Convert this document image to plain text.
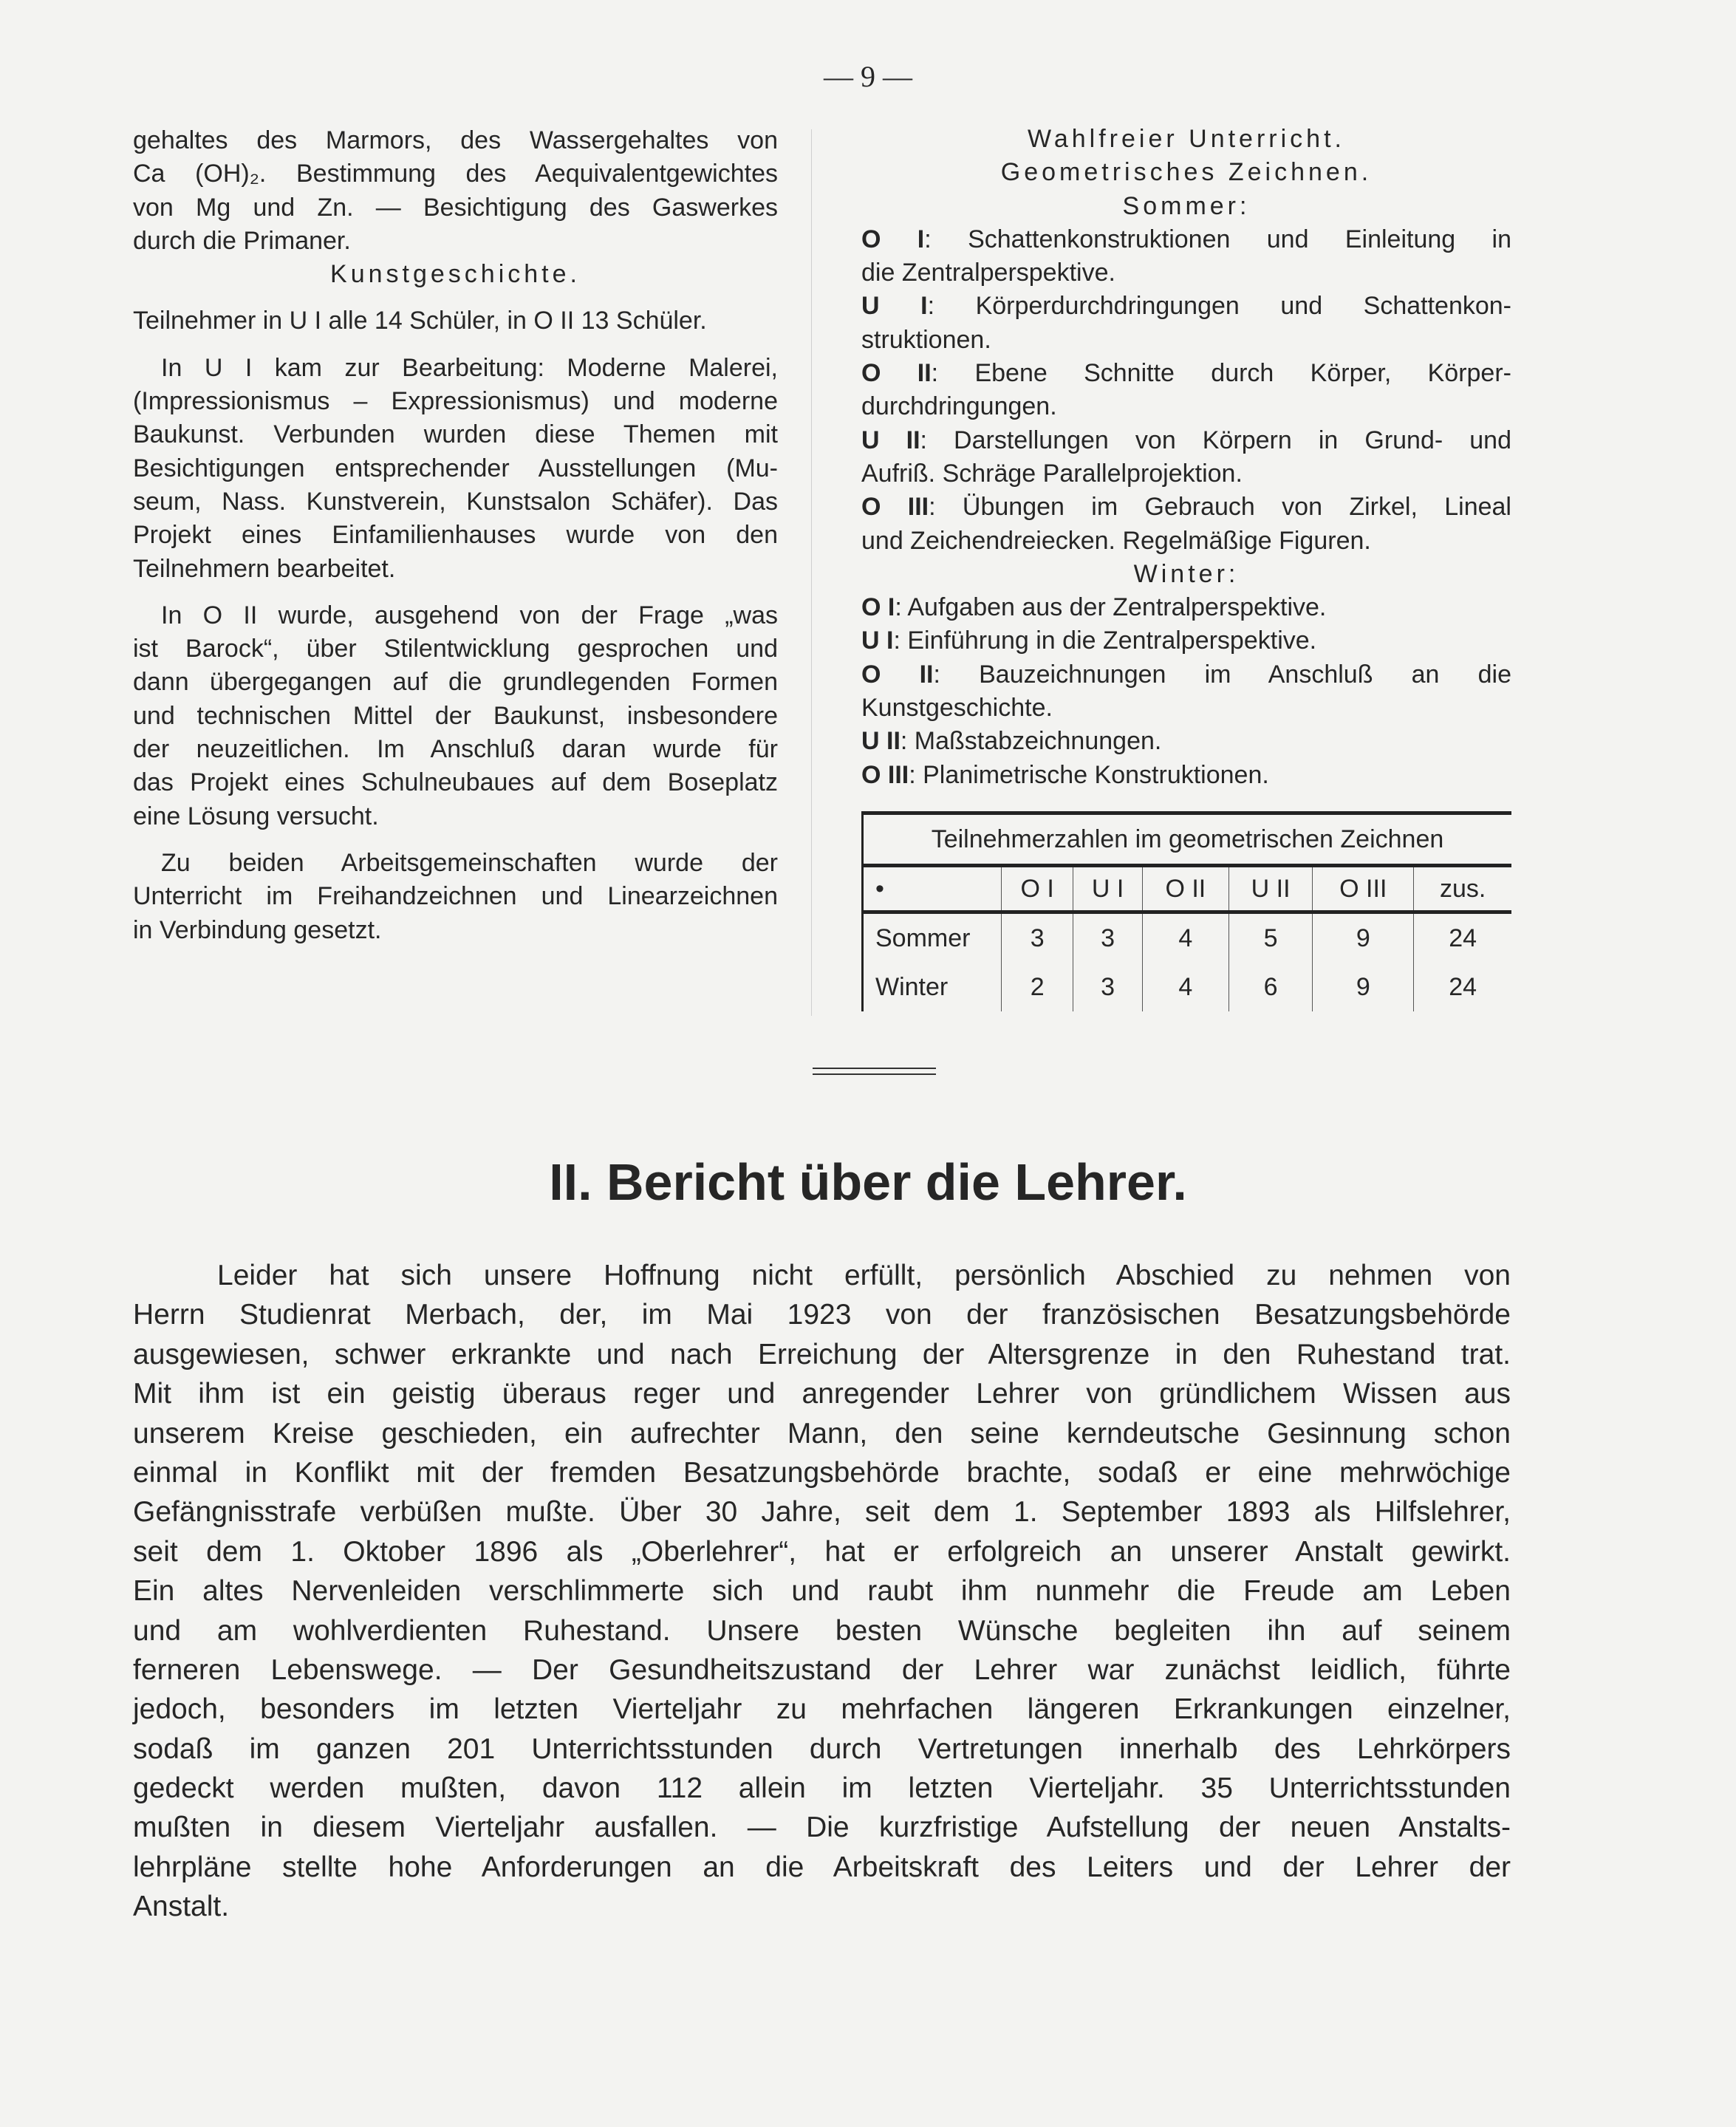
— 9 —
gehaltes des Marmors, des Wassergehaltes von
Ca (OH)₂. Bestimmung des Aequivalentgewichtes
von Mg und Zn. — Besichtigung des Gaswerkes
durch die Primaner.
Kunstgeschichte.
Teilnehmer in U I alle 14 Schüler, in O II 13 Schüler.
In U I kam zur Bearbeitung: Moderne Malerei,
(Impressionismus – Expressionismus) und moderne
Baukunst. Verbunden wurden diese Themen mit
Besichtigungen entsprechender Ausstellungen (Mu-
seum, Nass. Kunstverein, Kunstsalon Schäfer). Das
Projekt eines Einfamilienhauses wurde von den
Teilnehmern bearbeitet.
In O II wurde, ausgehend von der Frage „was
ist Barock“, über Stilentwicklung gesprochen und
dann übergegangen auf die grundlegenden Formen
und technischen Mittel der Baukunst, insbesondere
der neuzeitlichen. Im Anschluß daran wurde für
das Projekt eines Schulneubaues auf dem Boseplatz
eine Lösung versucht.
Zu beiden Arbeitsgemeinschaften wurde der
Unterricht im Freihandzeichnen und Linearzeichnen
in Verbindung gesetzt.
Wahlfreier Unterricht.
Geometrisches Zeichnen.
Sommer:
O I: Schattenkonstruktionen und Einleitung in
die Zentralperspektive.
U I: Körperdurchdringungen und Schattenkon-
struktionen.
O II: Ebene Schnitte durch Körper, Körper-
durchdringungen.
U II: Darstellungen von Körpern in Grund- und
Aufriß. Schräge Parallelprojektion.
O III: Übungen im Gebrauch von Zirkel, Lineal
und Zeichendreiecken. Regelmäßige Figuren.
Winter:
O I: Aufgaben aus der Zentralperspektive.
U I: Einführung in die Zentralperspektive.
O II: Bauzeichnungen im Anschluß an die
Kunstgeschichte.
U II: Maßstabzeichnungen.
O III: Planimetrische Konstruktionen.
Teilnehmerzahlen im geometrischen Zeichnen						
•	O I	U I	O II	U II	O III	zus.
Sommer	3	3	4	5	9	24
Winter	2	3	4	6	9	24
II. Bericht über die Lehrer.
Leider hat sich unsere Hoffnung nicht erfüllt, persönlich Abschied zu nehmen von
Herrn Studienrat Merbach, der, im Mai 1923 von der französischen Besatzungsbehörde
ausgewiesen, schwer erkrankte und nach Erreichung der Altersgrenze in den Ruhestand trat.
Mit ihm ist ein geistig überaus reger und anregender Lehrer von gründlichem Wissen aus
unserem Kreise geschieden, ein aufrechter Mann, den seine kerndeutsche Gesinnung schon
einmal in Konflikt mit der fremden Besatzungsbehörde brachte, sodaß er eine mehrwöchige
Gefängnisstrafe verbüßen mußte. Über 30 Jahre, seit dem 1. September 1893 als Hilfslehrer,
seit dem 1. Oktober 1896 als „Oberlehrer“, hat er erfolgreich an unserer Anstalt gewirkt.
Ein altes Nervenleiden verschlimmerte sich und raubt ihm nunmehr die Freude am Leben
und am wohlverdienten Ruhestand. Unsere besten Wünsche begleiten ihn auf seinem
ferneren Lebenswege. — Der Gesundheitszustand der Lehrer war zunächst leidlich, führte
jedoch, besonders im letzten Vierteljahr zu mehrfachen längeren Erkrankungen einzelner,
sodaß im ganzen 201 Unterrichtsstunden durch Vertretungen innerhalb des Lehrkörpers
gedeckt werden mußten, davon 112 allein im letzten Vierteljahr. 35 Unterrichtsstunden
mußten in diesem Vierteljahr ausfallen. — Die kurzfristige Aufstellung der neuen Anstalts-
lehrpläne stellte hohe Anforderungen an die Arbeitskraft des Leiters und der Lehrer der
Anstalt.
